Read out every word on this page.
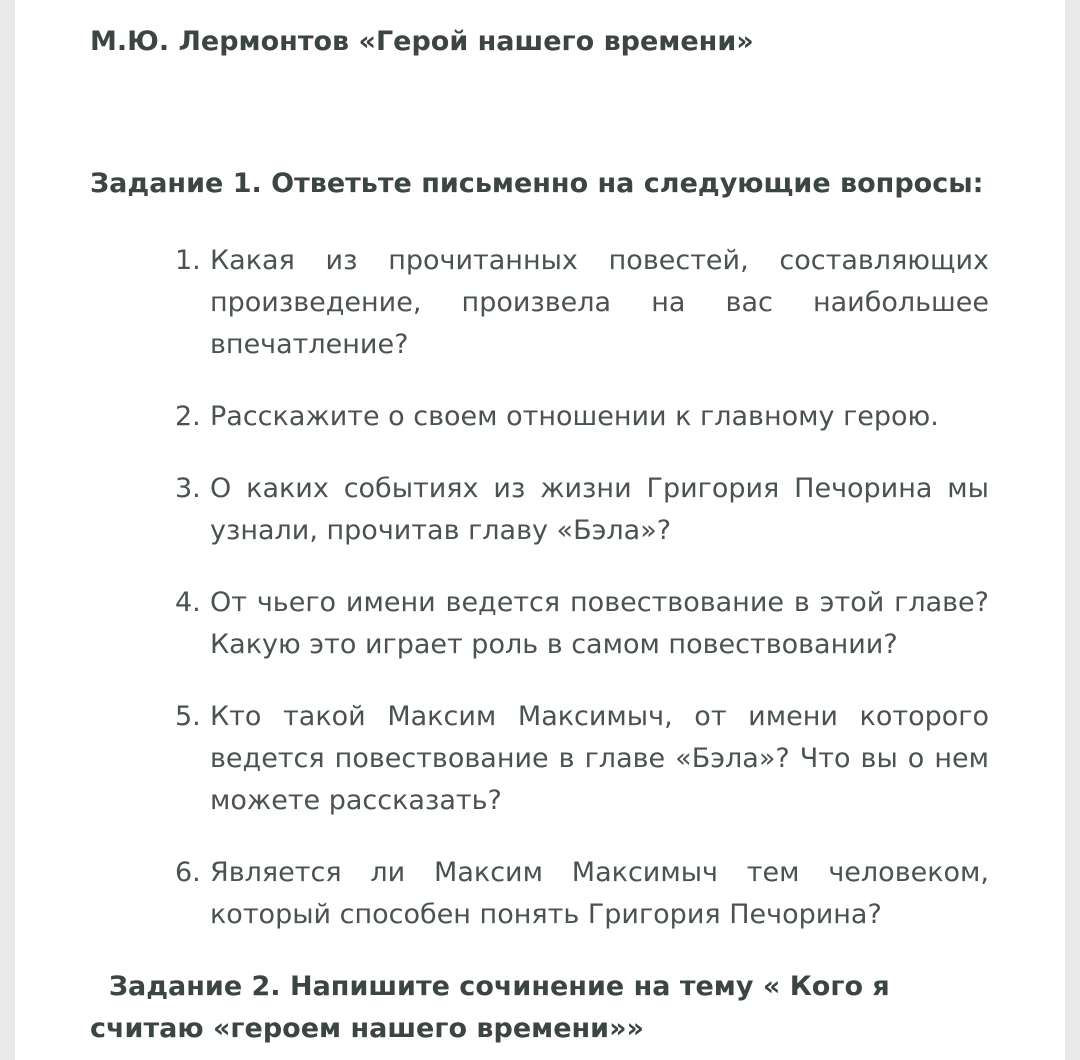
М.Ю. Лермонтов «Герой нашего времени»
Задание 1. Ответьте письменно на следующие вопросы:
1. Какая из прочитанных повестей, составляющих произведение, произвела на вас наибольшее впечатление?
2. Расскажите о своем отношении к главному герою.
3. О каких событиях из жизни Григория Печорина мы узнали, прочитав главу «Бэла»?
4. От чьего имени ведется повествование в этой главе? Какую это играет роль в самом повествовании?
5. Кто такой Максим Максимыч, от имени которого ведется повествование в главе «Бэла»? Что вы о нем можете рассказать?
6. Является ли Максим Максимыч тем человеком, который способен понять Григория Печорина?
Задание 2. Напишите сочинение на тему « Кого я считаю «героем нашего времени»»
